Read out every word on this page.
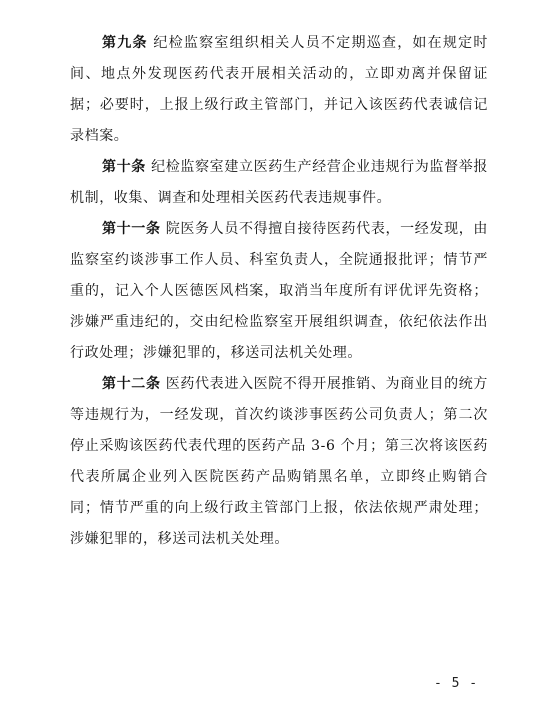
第九条 纪检监察室组织相关人员不定期巡查，如在规定时间、地点外发现医药代表开展相关活动的，立即劝离并保留证据；必要时，上报上级行政主管部门，并记入该医药代表诚信记录档案。

第十条 纪检监察室建立医药生产经营企业违规行为监督举报机制，收集、调查和处理相关医药代表违规事件。

第十一条 院医务人员不得擅自接待医药代表，一经发现，由监察室约谈涉事工作人员、科室负责人，全院通报批评；情节严重的，记入个人医德医风档案，取消当年度所有评优评先资格；涉嫌严重违纪的，交由纪检监察室开展组织调查，依纪依法作出行政处理；涉嫌犯罪的，移送司法机关处理。

第十二条 医药代表进入医院不得开展推销、为商业目的统方等违规行为，一经发现，首次约谈涉事医药公司负责人；第二次停止采购该医药代表代理的医药产品 3-6 个月；第三次将该医药代表所属企业列入医院医药产品购销黑名单，立即终止购销合同；情节严重的向上级行政主管部门上报，依法依规严肃处理；涉嫌犯罪的，移送司法机关处理。

- 5 -
